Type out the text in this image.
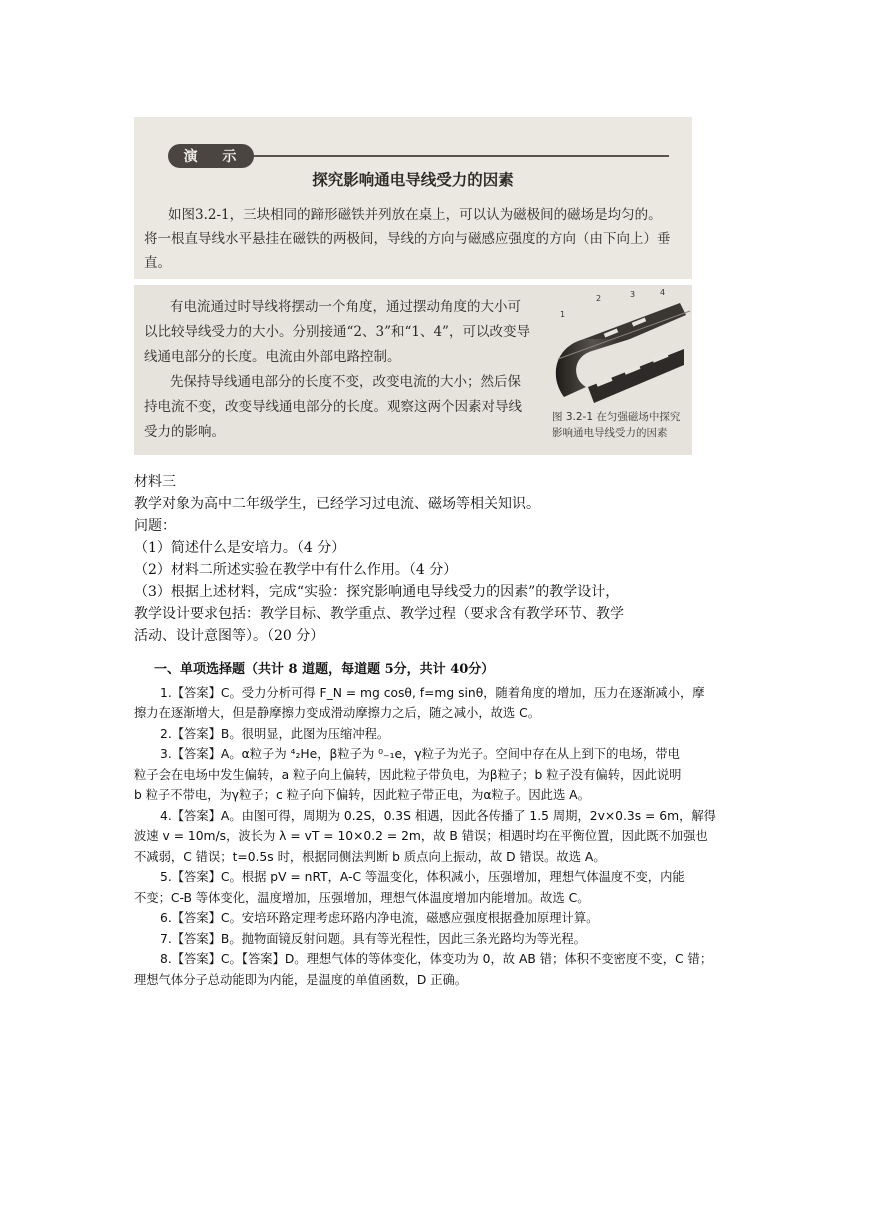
演 示
探究影响通电导线受力的因素
如图3.2-1，三块相同的蹄形磁铁并列放在桌上，可以认为磁极间的磁场是均匀的。将一根直导线水平悬挂在磁铁的两极间，导线的方向与磁感应强度的方向（由下向上）垂直。

有电流通过时导线将摆动一个角度，通过摆动角度的大小可以比较导线受力的大小。分别接通“2、3”和“1、4”，可以改变导线通电部分的长度。电流由外部电路控制。

先保持导线通电部分的长度不变，改变电流的大小；然后保持电流不变，改变导线通电部分的长度。观察这两个因素对导线受力的影响。

1
2	3	4
图 3.2-1 在匀强磁场中探究
影响通电导线受力的因素

材料三

教学对象为高中二年级学生，已经学习过电流、磁场等相关知识。

问题：

（1）简述什么是安培力。（4 分）

（2）材料二所述实验在教学中有什么作用。（4 分）

（3）根据上述材料，完成“实验：探究影响通电导线受力的因素”的教学设计，

教学设计要求包括：教学目标、教学重点、教学过程（要求含有教学环节、教学

活动、设计意图等）。（20 分）

一、单项选择题（共计 8 道题，每道题 5分，共计 40分）

1.【答案】C。受力分析可得 F_N = mg cosθ, f=mg sinθ，随着角度的增加，压力在逐渐减小，摩

擦力在逐渐增大，但是静摩擦力变成滑动摩擦力之后，随之减小，故选 C。

2.【答案】B。很明显，此图为压缩冲程。

3.【答案】A。α粒子为 ⁴₂He，β粒子为 ⁰₋₁e，γ粒子为光子。空间中存在从上到下的电场，带电

粒子会在电场中发生偏转，a 粒子向上偏转，因此粒子带负电，为β粒子；b 粒子没有偏转，因此说明

b 粒子不带电，为γ粒子；c 粒子向下偏转，因此粒子带正电，为α粒子。因此选 A。

4.【答案】A。由图可得，周期为 0.2S，0.3S 相遇，因此各传播了 1.5 周期，2v×0.3s = 6m，解得

波速 v = 10m/s，波长为 λ = vT = 10×0.2 = 2m，故 B 错误；相遇时均在平衡位置，因此既不加强也

不减弱，C 错误；t=0.5s 时，根据同侧法判断 b 质点向上振动，故 D 错误。故选 A。

5.【答案】C。根据 pV = nRT，A-C 等温变化，体积减小，压强增加，理想气体温度不变，内能

不变；C-B 等体变化，温度增加，压强增加，理想气体温度增加内能增加。故选 C。

6.【答案】C。安培环路定理考虑环路内净电流，磁感应强度根据叠加原理计算。

7.【答案】B。抛物面镜反射问题。具有等光程性，因此三条光路均为等光程。

8.【答案】C。【答案】D。理想气体的等体变化，体变功为 0，故 AB 错；体积不变密度不变，C 错；

理想气体分子总动能即为内能，是温度的单值函数，D 正确。
